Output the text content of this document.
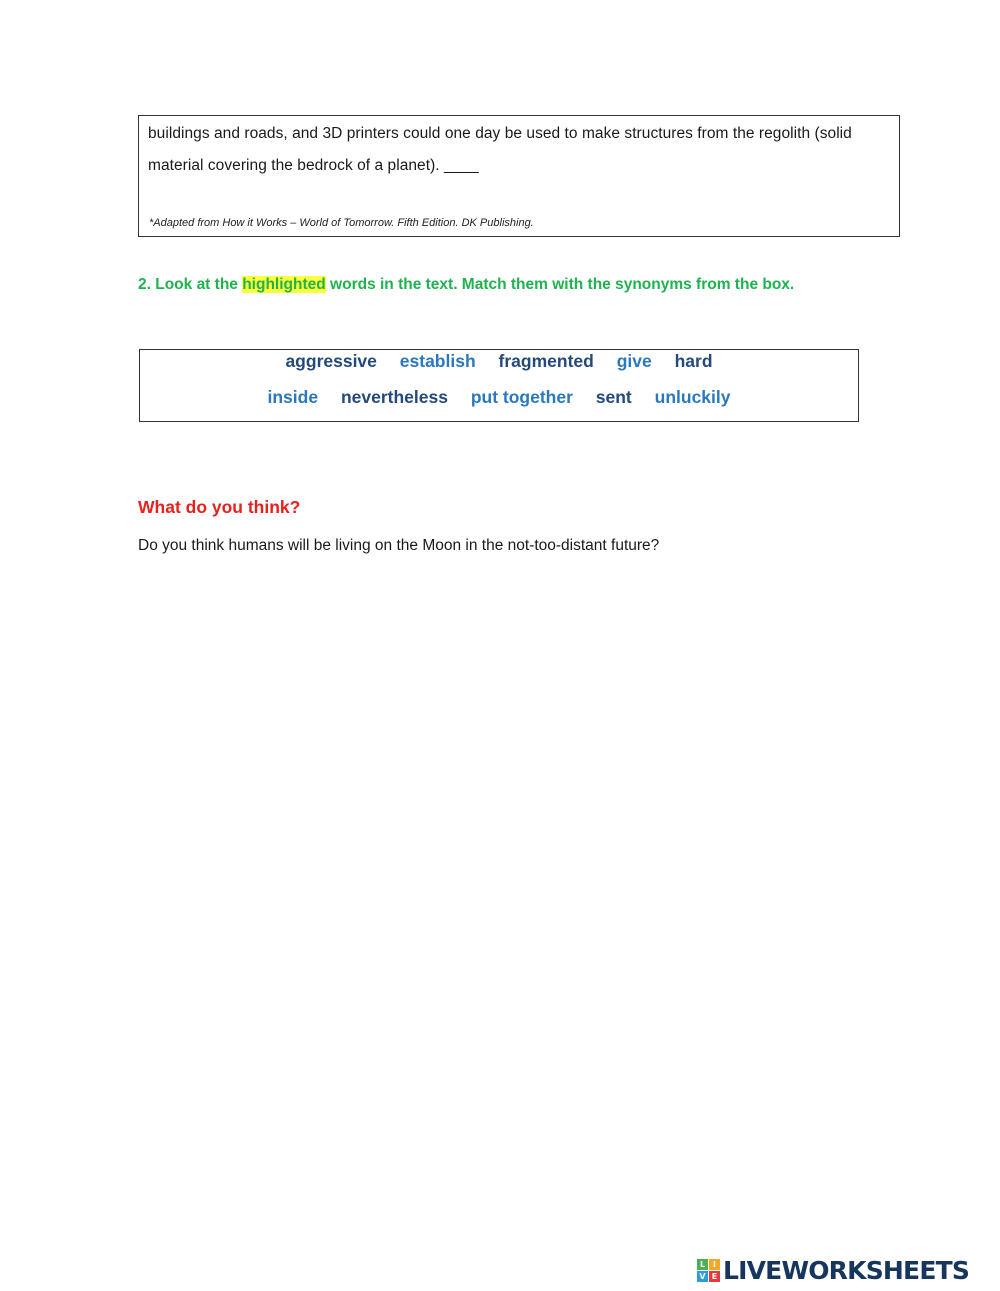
buildings and roads, and 3D printers could one day be used to make structures from the regolith (solid material covering the bedrock of a planet). ____

*Adapted from How it Works – World of Tomorrow. Fifth Edition. DK Publishing.
2. Look at the highlighted words in the text. Match them with the synonyms from the box.
aggressive establish fragmented give hard
inside nevertheless put together sent unluckily
What do you think?
Do you think humans will be living on the Moon in the not-too-distant future?
L I
V E LIVEWORKSHEETS
